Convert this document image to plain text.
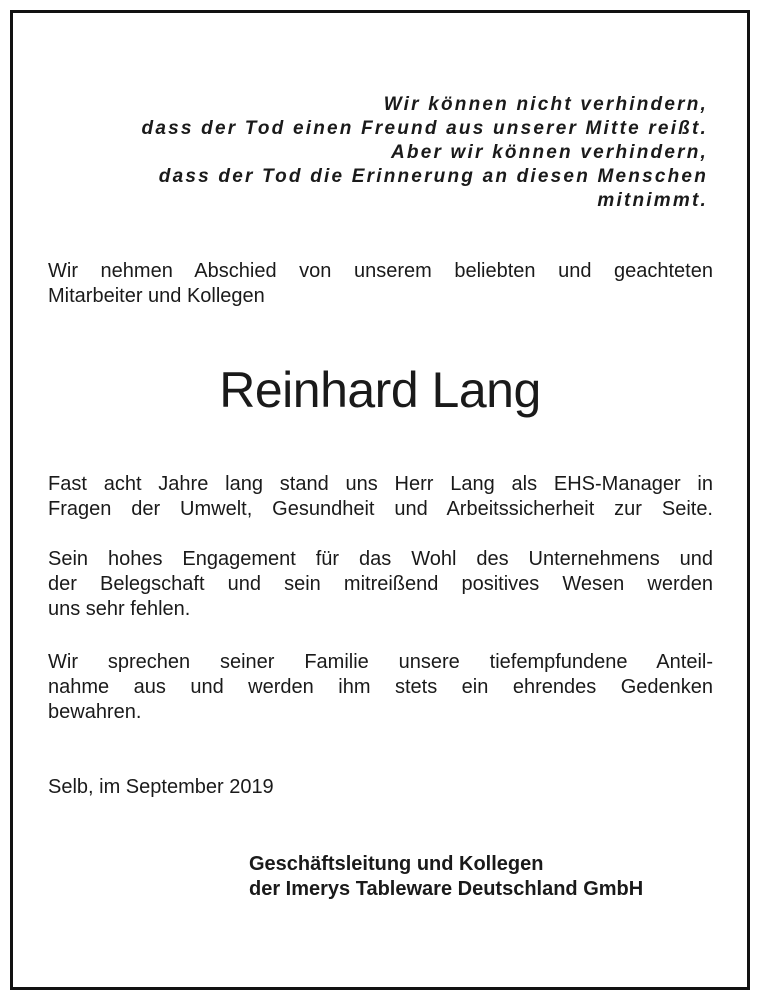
Wir können nicht verhindern,
dass der Tod einen Freund aus unserer Mitte reißt.
Aber wir können verhindern,
dass der Tod die Erinnerung an diesen Menschen
mitnimmt.
Wir nehmen Abschied von unserem beliebten und geachteten
Mitarbeiter und Kollegen
Reinhard Lang
Fast acht Jahre lang stand uns Herr Lang als EHS-Manager in
Fragen der Umwelt, Gesundheit und Arbeitssicherheit zur Seite.
Sein hohes Engagement für das Wohl des Unternehmens und
der Belegschaft und sein mitreißend positives Wesen werden
uns sehr fehlen.
Wir sprechen seiner Familie unsere tiefempfundene Anteil-
nahme aus und werden ihm stets ein ehrendes Gedenken
bewahren.
Selb, im September 2019
Geschäftsleitung und Kollegen
der Imerys Tableware Deutschland GmbH
